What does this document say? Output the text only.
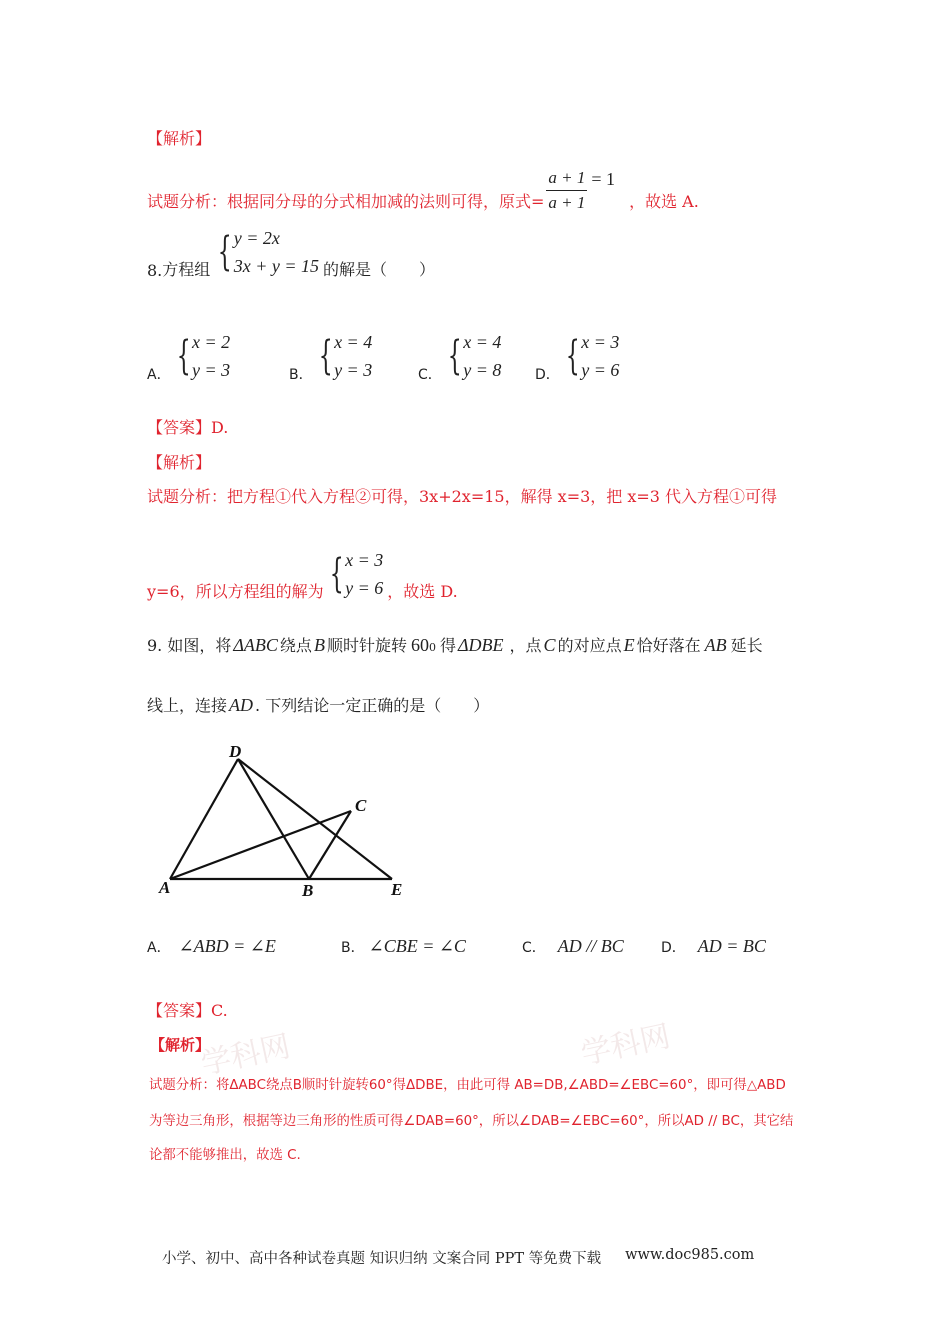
【解析】
试题分析：根据同分母的分式相加减的法则可得，原式= $\frac{a + 1}{a + 1} = 1$
，故选 A.
8. 方程组 { y = 2x
3x + y = 15 的解是（　　）
A． { x = 2
y = 3	B． { x = 4
y = 3	C． { x = 4
y = 8 D． { x = 3
y = 6
【答案】D.
【解析】
试题分析：把方程①代入方程②可得，3x+2x=15，解得 x=3，把 x=3 代入方程①可得
y=6，所以方程组的解为 { x = 3
y = 6 ，故选 D.
9. 如图，将 ΔABC 绕点 B 顺时针旋转 60 0 得 ΔDBE ，点 C 的对应点 E 恰好落在 AB 延长
线上，连接 AD . 下列结论一定正确的是（　　）
D
C
A	B	E
A． ∠ABD = ∠E	B． ∠CBE = ∠C	C． AD // BC	D． AD = BC
学科网	学科网
【答案】C.
【解析】
试题分析：将ΔABC绕点B顺时针旋转60°得ΔDBE，由此可得 AB=DB,∠ABD=∠EBC=60°，即可得△ABD
为等边三角形，根据等边三角形的性质可得∠DAB=60°，所以∠DAB=∠EBC=60°，所以AD // BC，其它结
论都不能够推出，故选 C.
小学、初中、高中各种试卷真题 知识归纳 文案合同 PPT 等免费下载 www.doc985.com
